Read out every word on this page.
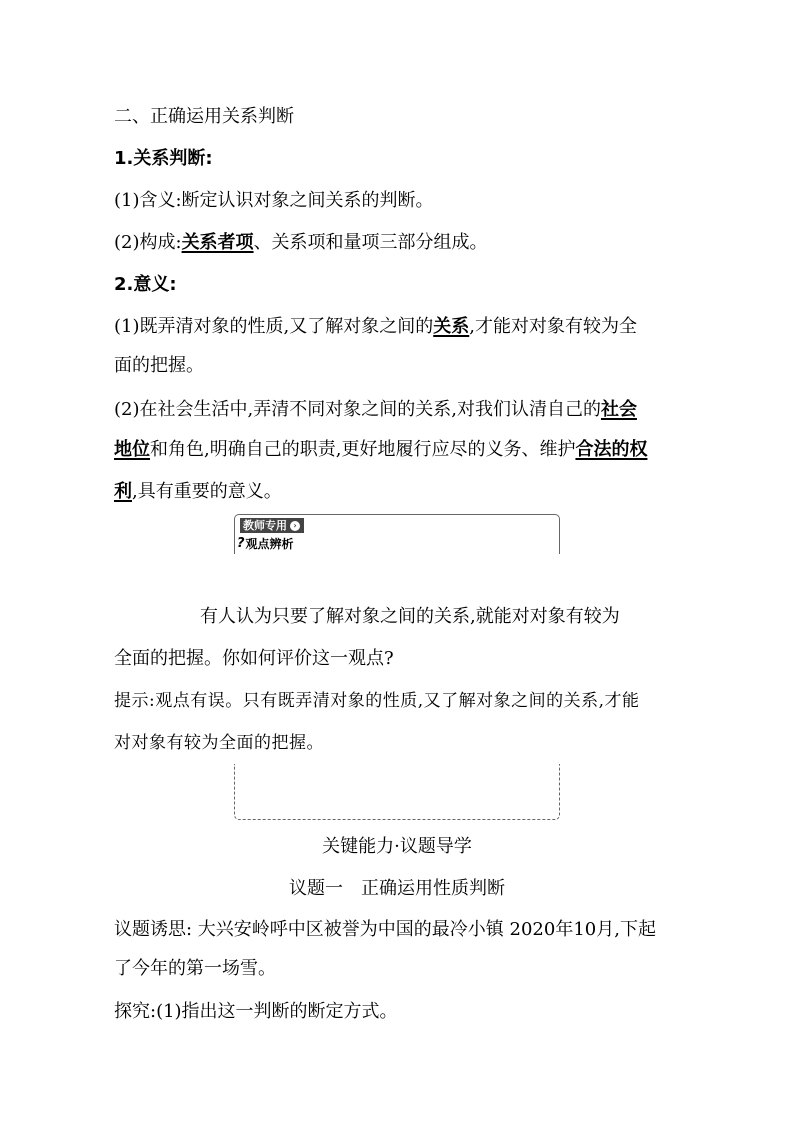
二、正确运用关系判断
1.关系判断:
(1)含义:断定认识对象之间关系的判断。
(2)构成:关系者项、关系项和量项三部分组成。
2.意义:
(1)既弄清对象的性质,又了解对象之间的关系,才能对对象有较为全
面的把握。
(2)在社会生活中,弄清不同对象之间的关系,对我们认清自己的社会
地位和角色,明确自己的职责,更好地履行应尽的义务、维护合法的权
利,具有重要的意义。
教师专用 ›
? 观点辨析
有人认为只要了解对象之间的关系,就能对对象有较为
全面的把握。你如何评价这一观点?
提示:观点有误。只有既弄清对象的性质,又了解对象之间的关系,才能
对对象有较为全面的把握。
关键能力·议题导学
议题一　正确运用性质判断
议题诱思: 大兴安岭呼中区被誉为中国的最冷小镇 2020年10月,下起
了今年的第一场雪。
探究:(1)指出这一判断的断定方式。
